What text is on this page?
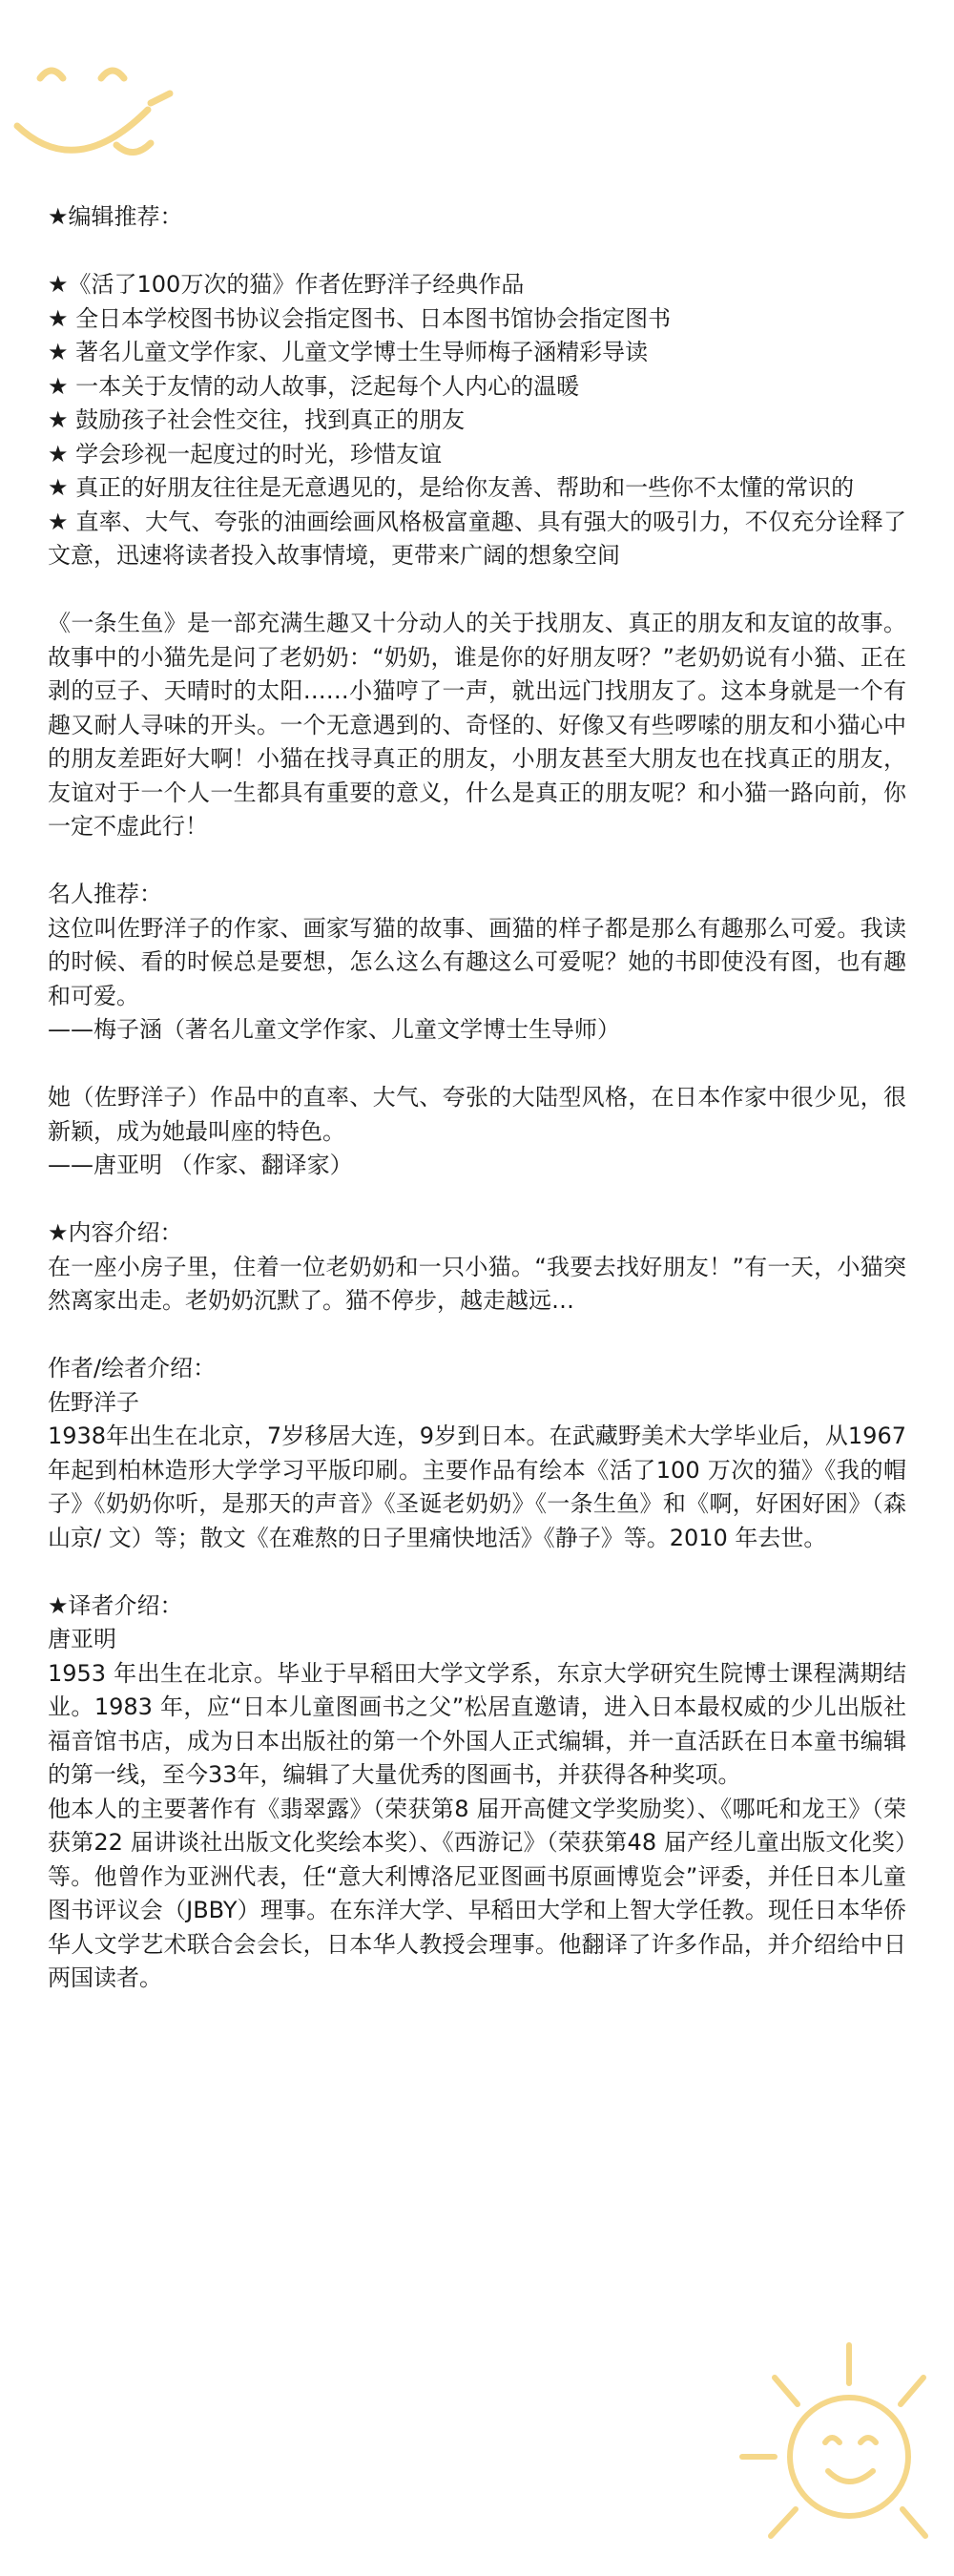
★编辑推荐：
★《活了100万次的猫》作者佐野洋子经典作品
★ 全日本学校图书协议会指定图书、日本图书馆协会指定图书
★ 著名儿童文学作家、儿童文学博士生导师梅子涵精彩导读
★ 一本关于友情的动人故事，泛起每个人内心的温暖
★ 鼓励孩子社会性交往，找到真正的朋友
★ 学会珍视一起度过的时光，珍惜友谊
★ 真正的好朋友往往是无意遇见的，是给你友善、帮助和一些你不太懂的常识的
★ 直率、大气、夸张的油画绘画风格极富童趣、具有强大的吸引力，不仅充分诠释了文意，迅速将读者投入故事情境，更带来广阔的想象空间
《一条生鱼》是一部充满生趣又十分动人的关于找朋友、真正的朋友和友谊的故事。故事中的小猫先是问了老奶奶：“奶奶，谁是你的好朋友呀？”老奶奶说有小猫、正在剥的豆子、天晴时的太阳……小猫哼了一声，就出远门找朋友了。这本身就是一个有趣又耐人寻味的开头。一个无意遇到的、奇怪的、好像又有些啰嗦的朋友和小猫心中的朋友差距好大啊！小猫在找寻真正的朋友，小朋友甚至大朋友也在找真正的朋友，友谊对于一个人一生都具有重要的意义，什么是真正的朋友呢？和小猫一路向前，你一定不虚此行！
名人推荐：
这位叫佐野洋子的作家、画家写猫的故事、画猫的样子都是那么有趣那么可爱。我读的时候、看的时候总是要想，怎么这么有趣这么可爱呢？她的书即使没有图，也有趣和可爱。
——梅子涵（著名儿童文学作家、儿童文学博士生导师）
她（佐野洋子）作品中的直率、大气、夸张的大陆型风格，在日本作家中很少见，很新颖，成为她最叫座的特色。
——唐亚明 （作家、翻译家）
★内容介绍：
在一座小房子里，住着一位老奶奶和一只小猫。“我要去找好朋友！”有一天，小猫突然离家出走。老奶奶沉默了。猫不停步，越走越远…
作者/绘者介绍：
佐野洋子
1938年出生在北京，7岁移居大连，9岁到日本。在武藏野美术大学毕业后，从1967 年起到柏林造形大学学习平版印刷。主要作品有绘本《活了100 万次的猫》《我的帽子》《奶奶你听，是那天的声音》《圣诞老奶奶》《一条生鱼》和《啊，好困好困》（森山京/ 文）等；散文《在难熬的日子里痛快地活》《静子》等。2010 年去世。
★译者介绍：
唐亚明
1953 年出生在北京。毕业于早稻田大学文学系，东京大学研究生院博士课程满期结业。1983 年，应“日本儿童图画书之父”松居直邀请，进入日本最权威的少儿出版社福音馆书店，成为日本出版社的第一个外国人正式编辑，并一直活跃在日本童书编辑的第一线，至今33年，编辑了大量优秀的图画书，并获得各种奖项。
他本人的主要著作有《翡翠露》（荣获第8 届开高健文学奖励奖）、《哪吒和龙王》（荣获第22 届讲谈社出版文化奖绘本奖）、《西游记》（荣获第48 届产经儿童出版文化奖）等。他曾作为亚洲代表，任“意大利博洛尼亚图画书原画博览会”评委，并任日本儿童图书评议会（JBBY）理事。在东洋大学、早稻田大学和上智大学任教。现任日本华侨华人文学艺术联合会会长，日本华人教授会理事。他翻译了许多作品，并介绍给中日两国读者。
